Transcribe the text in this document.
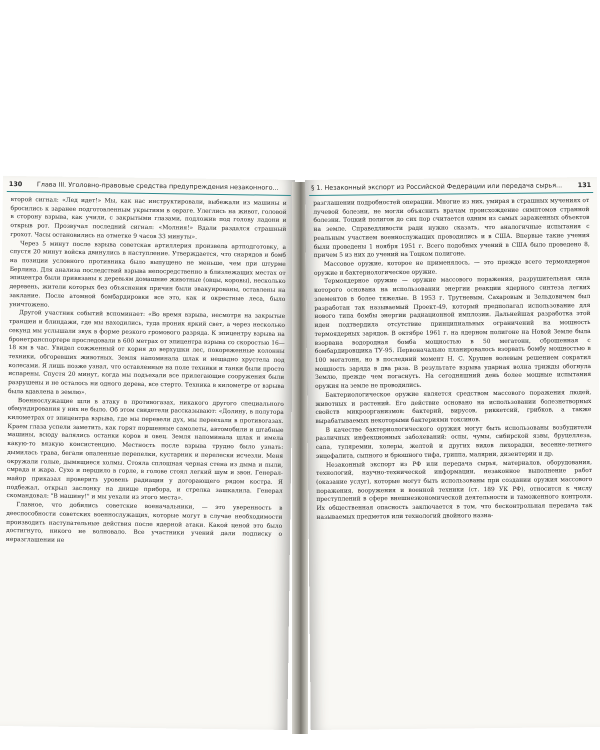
130 Глава III. Уголовно-правовые средства предупреждения незаконного...

второй сигнал: «Лед идет!» Мы, как нас инструктировали, выбежали из машины и бросились к заранее подготовленным укрытиям в овраге. Улеглись на живот, головой в сторону взрыва, как учили, с закрытыми глазами, подложив под голову ладони и открыв рот. Прозвучал последний сигнал: «Молния!» Вдали раздался страшный грохот. Часы остановились на отметке 9 часов 33 минуты».

Через 5 минут после взрыва советская артиллерия произвела артподготовку, а спустя 20 минут войска двинулись в наступление. Утверждается, что снарядов и бомб на позиции условного противника было выпущено не меньше, чем при штурме Берлина. Для анализа последствий взрыва непосредственно в близлежащих местах от эпицентра были привязаны к деревьям домашние животные (овцы, коровы), несколько деревень, жители которых без объяснения причин были эвакуированы, оставлены на заклание. После атомной бомбардировки все это, как и окрестные леса, было уничтожено.

Другой участник событий вспоминает: «Во время взрыва, несмотря на закрытые траншеи и блиндажи, где мы находились, туда проник яркий свет, а через несколько секунд мы услышали звук в форме резкого громового разряда. К эпицентру взрыва на бронетранспортере проследовали в 600 метрах от эпицентра взрыва со скоростью 16—18 км в час. Увидел сожженный от корня до верхушки лес, покореженные колонны техники, обгоревших животных. Земля напоминала шлак и нещадно хрустела под колесами. Я лишь позже узнал, что оставленные на поле техники и танки были просто испарены. Спустя 20 минут, когда мы подъехали все прилегающие сооружения были разрушены и не осталось ни одного дерева, все стерто. Техника в километре от взрыва была вдавлена в землю».

Военнослужащие шли в атаку в противогазах, никакого другого специального обмундирования у них не было. Об этом свидетели рассказывают: «Долину, в полутора километрах от эпицентра взрыва, где мы перевели дух, мы переехали в противогазах. Краем глаза успели заметить, как горят поршенные самолеты, автомобили и штабные машины, всюду валялись останки коров и овец. Земля напоминала шлак и имела какую-то вязкую консистенцию. Местность после взрыва трудно было узнать: дымилась трава, бегали опаленные перепелки, кустарник и перелески исчезли. Меня окружали голые, дымящиеся холмы. Стояла сплошная черная стена из дыма и пыли, смрада и жара. Сухо и першило в горле, в голове стоял легкий шум и звон. Генерал-майор приказал проверить уровень радиации у догорающего рядом костра. Я подбежал, открыл заслонку на днище прибора, и стрелка зашкалила. Генерал скомандовал: "В машину!" и мы уехали из этого места».

Главное, что добились советские военачальники, — это уверенность в дееспособности советских военнослужащих, которые могут в случае необходимости производить наступательные действия после ядерной атаки. Какой ценой это было достигнуто, никого не волновало. Все участники учений дали подписку о неразглашении не

§ 1. Незаконный экспорт из Российской Федерации или передача сырья... 131

разглашении подробностей операции. Многие из них, умирая в страшных мучениях от лучевой болезни, не могли объяснить врачам происхождение симптомов странной болезни. Тоцкий полигон до сих пор считается одним из самых зараженных объектов на земле. Справедливости ради нужно сказать, что аналогичные испытания с реальным участием военнослужащих проводились и в США. Впервые такие учения были проведены 1 ноября 1951 г. Всего подобных учений в США было проведено 8, причем 5 из них до учений на Тоцком полигоне.

Массовое оружие, которое не применялось, — это прежде всего термоядерное оружие и бактериологическое оружие.

Термоядерное оружие — оружие массового поражения, разрушительная сила которого основана на использовании энергии реакции ядерного синтеза легких элементов в более тяжелые. В 1953 г. Трутневым, Сахаровым и Зельдовичем был разработан так называемый Проект-49, который предполагал использование для нового типа бомбы энергии радиационной имплозии. Дальнейшая разработка этой идеи подтвердила отсутствие принципиальных ограничений на мощность термоядерных зарядов. В октябре 1961 г. на ядерном полигоне на Новой Земле была взорвана водородная бомба мощностью в 50 мегатонн, сброшенная с бомбардировщика ТУ-95. Первоначально планировалось взорвать бомбу мощностью в 100 мегатонн, но в последний момент Н. С. Хрущев волевым решением сократил мощность заряда в два раза. В результате взрыва ударная волна трижды обогнула Землю, прежде чем погаснуть. На сегодняшний день более мощные испытания оружия на земле не проводились.

Бактериологическое оружие является средством массового поражения людей, животных и растений. Его действие основано на использовании болезнетворных свойств микроорганизмов: бактерий, вирусов, риккетсий, грибков, а также вырабатываемых некоторыми бактериями токсинов.

В качестве бактериологического оружия могут быть использованы возбудители различных инфекционных заболеваний: оспы, чумы, сибирской язвы, бруцеллеза, сапа, туляремии, холеры, желтой и других видов лихорадки, весенне-летнего энцефалита, сыпного и брюшного тифа, гриппа, малярии, дизентерии и др.

Незаконный экспорт из РФ или передача сырья, материалов, оборудования, технологий, научно-технической информации, незаконное выполнение работ (оказание услуг), которые могут быть использованы при создании оружия массового поражения, вооружения и военной техники (ст. 189 УК РФ), относится к числу преступлений в сфере внешнеэкономической деятельности и таможенного контроля. Их общественная опасность заключается в том, что бесконтрольная передача так называемых предметов или технологий двойного назна-
